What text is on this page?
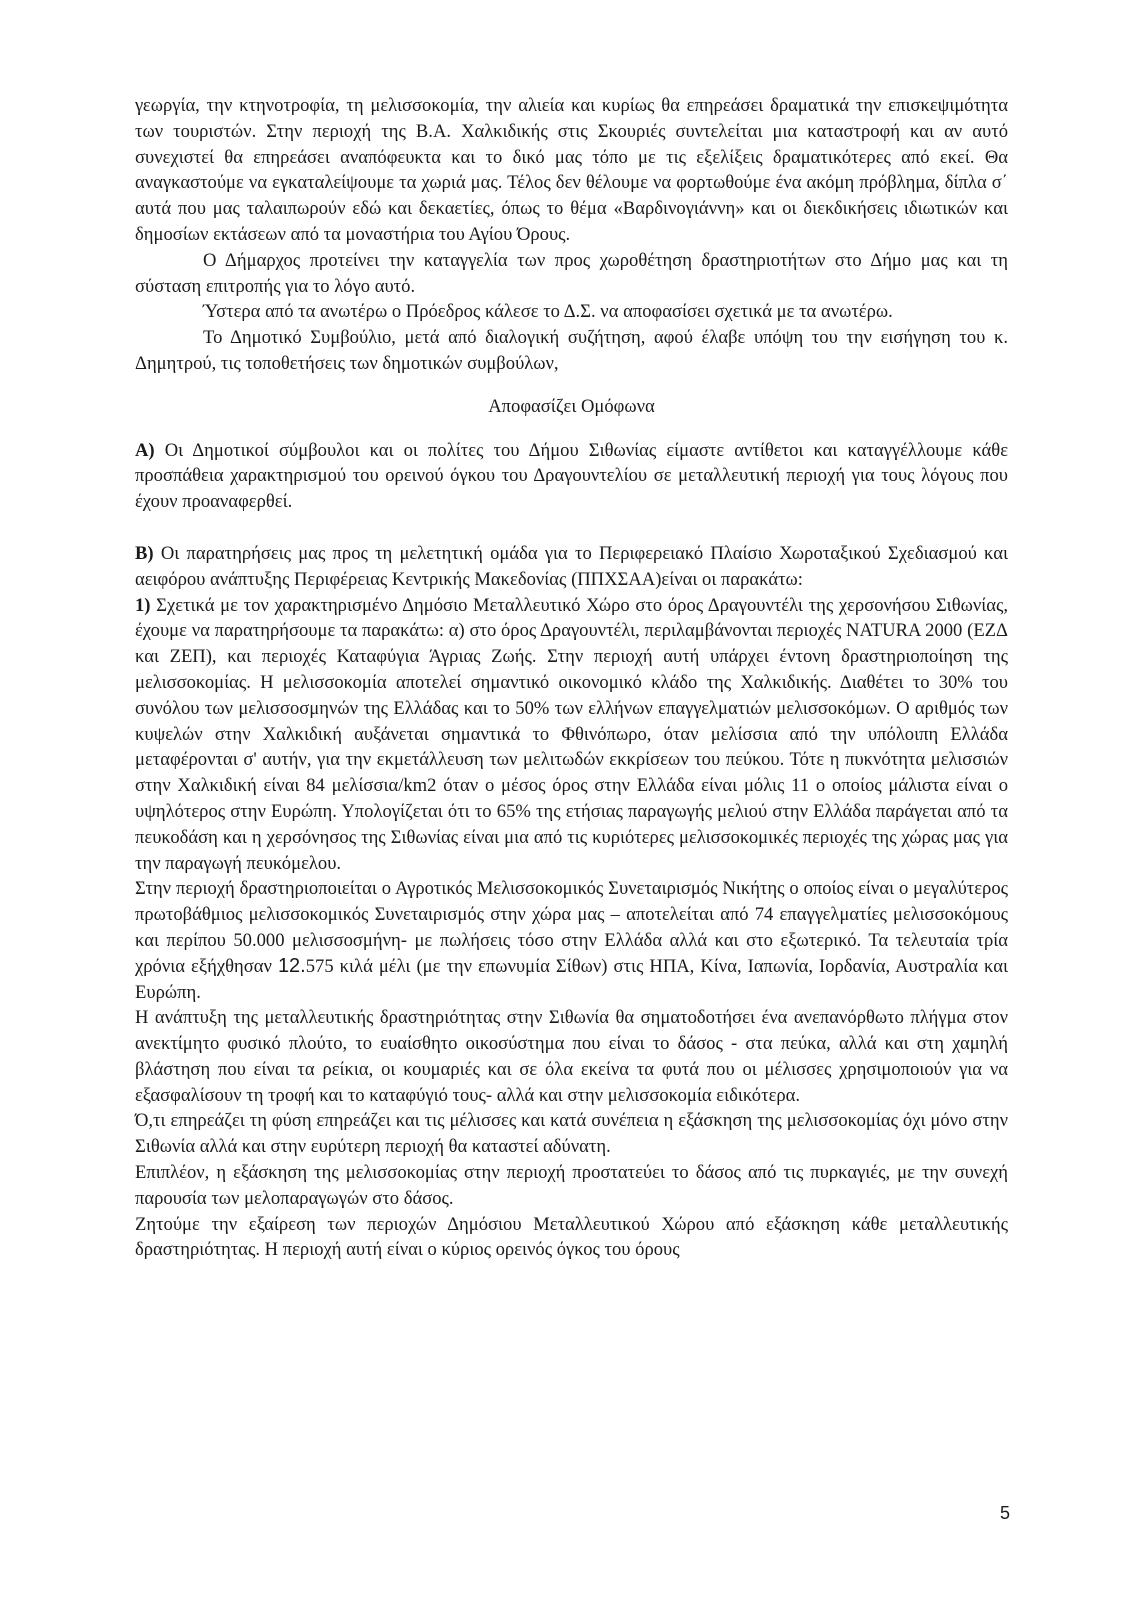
γεωργία, την κτηνοτροφία, τη μελισσοκομία, την αλιεία και κυρίως θα επηρεάσει δραματικά την επισκεψιμότητα των τουριστών. Στην περιοχή της Β.Α. Χαλκιδικής στις Σκουριές συντελείται μια καταστροφή και αν αυτό συνεχιστεί θα επηρεάσει αναπόφευκτα και το δικό μας τόπο με τις εξελίξεις δραματικότερες από εκεί. Θα αναγκαστούμε να εγκαταλείψουμε τα χωριά μας. Τέλος δεν θέλουμε να φορτωθούμε ένα ακόμη πρόβλημα, δίπλα σ΄ αυτά που μας ταλαιπωρούν εδώ και δεκαετίες, όπως το θέμα «Βαρδινογιάννη» και οι διεκδικήσεις ιδιωτικών και δημοσίων εκτάσεων από τα μοναστήρια του Αγίου Όρους.

Ο Δήμαρχος προτείνει την καταγγελία των προς χωροθέτηση δραστηριοτήτων στο Δήμο μας και τη σύσταση επιτροπής για το λόγο αυτό.

Ύστερα από τα ανωτέρω ο Πρόεδρος κάλεσε το Δ.Σ. να αποφασίσει σχετικά με τα ανωτέρω.

Το Δημοτικό Συμβούλιο, μετά από διαλογική συζήτηση, αφού έλαβε υπόψη του την εισήγηση του κ. Δημητρού, τις τοποθετήσεις των δημοτικών συμβούλων,

Αποφασίζει Ομόφωνα

Α) Οι Δημοτικοί σύμβουλοι και οι πολίτες του Δήμου Σιθωνίας είμαστε αντίθετοι και καταγγέλλουμε κάθε προσπάθεια χαρακτηρισμού του ορεινού όγκου του Δραγουντελίου σε μεταλλευτική περιοχή για τους λόγους που έχουν προαναφερθεί.

Β) Οι παρατηρήσεις μας προς τη μελετητική ομάδα για το Περιφερειακό Πλαίσιο Χωροταξικού Σχεδιασμού και αειφόρου ανάπτυξης Περιφέρειας Κεντρικής Μακεδονίας (ΠΠΧΣΑΑ)είναι οι παρακάτω:

1) Σχετικά με τον χαρακτηρισμένο Δημόσιο Μεταλλευτικό Χώρο στο όρος Δραγουντέλι της χερσονήσου Σιθωνίας, έχουμε να παρατηρήσουμε τα παρακάτω: α) στο όρος Δραγουντέλι, περιλαμβάνονται περιοχές NATURA 2000 (ΕΖΔ και ΖΕΠ), και περιοχές Καταφύγια Άγριας Ζωής. Στην περιοχή αυτή υπάρχει έντονη δραστηριοποίηση της μελισσοκομίας. Η μελισσοκομία αποτελεί σημαντικό οικονομικό κλάδο της Χαλκιδικής. Διαθέτει το 30% του συνόλου των μελισσοσμηνών της Ελλάδας και το 50% των ελλήνων επαγγελματιών μελισσοκόμων. Ο αριθμός των κυψελών στην Χαλκιδική αυξάνεται σημαντικά το Φθινόπωρο, όταν μελίσσια από την υπόλοιπη Ελλάδα μεταφέρονται σ' αυτήν, για την εκμετάλλευση των μελιτωδών εκκρίσεων του πεύκου. Τότε η πυκνότητα μελισσιών στην Χαλκιδική είναι 84 μελίσσια/km2 όταν ο μέσος όρος στην Ελλάδα είναι μόλις 11 ο οποίος μάλιστα είναι ο υψηλότερος στην Ευρώπη. Υπολογίζεται ότι το 65% της ετήσιας παραγωγής μελιού στην Ελλάδα παράγεται από τα πευκοδάση και η χερσόνησος της Σιθωνίας είναι μια από τις κυριότερες μελισσοκομικές περιοχές της χώρας μας για την παραγωγή πευκόμελου.

Στην περιοχή δραστηριοποιείται ο Αγροτικός Μελισσοκομικός Συνεταιρισμός Νικήτης ο οποίος είναι ο μεγαλύτερος πρωτοβάθμιος μελισσοκομικός Συνεταιρισμός στην χώρα μας – αποτελείται από 74 επαγγελματίες μελισσοκόμους και περίπου 50.000 μελισσοσμήνη- με πωλήσεις τόσο στην Ελλάδα αλλά και στο εξωτερικό. Τα τελευταία τρία χρόνια εξήχθησαν 12.575 κιλά μέλι (με την επωνυμία Σίθων) στις ΗΠΑ, Κίνα, Ιαπωνία, Ιορδανία, Αυστραλία και Ευρώπη.

Η ανάπτυξη της μεταλλευτικής δραστηριότητας στην Σιθωνία θα σηματοδοτήσει ένα ανεπανόρθωτο πλήγμα στον ανεκτίμητο φυσικό πλούτο, το ευαίσθητο οικοσύστημα που είναι το δάσος - στα πεύκα, αλλά και στη χαμηλή βλάστηση που είναι τα ρείκια, οι κουμαριές και σε όλα εκείνα τα φυτά που οι μέλισσες χρησιμοποιούν για να εξασφαλίσουν τη τροφή και το καταφύγιό τους- αλλά και στην μελισσοκομία ειδικότερα.

Ό,τι επηρεάζει τη φύση επηρεάζει και τις μέλισσες και κατά συνέπεια η εξάσκηση της μελισσοκομίας όχι μόνο στην Σιθωνία αλλά και στην ευρύτερη περιοχή θα καταστεί αδύνατη.

Επιπλέον, η εξάσκηση της μελισσοκομίας στην περιοχή προστατεύει το δάσος από τις πυρκαγιές, με την συνεχή παρουσία των μελοπαραγωγών στο δάσος.

Ζητούμε την εξαίρεση των περιοχών Δημόσιου Μεταλλευτικού Χώρου από εξάσκηση κάθε μεταλλευτικής δραστηριότητας. Η περιοχή αυτή είναι ο κύριος ορεινός όγκος του όρους

5
